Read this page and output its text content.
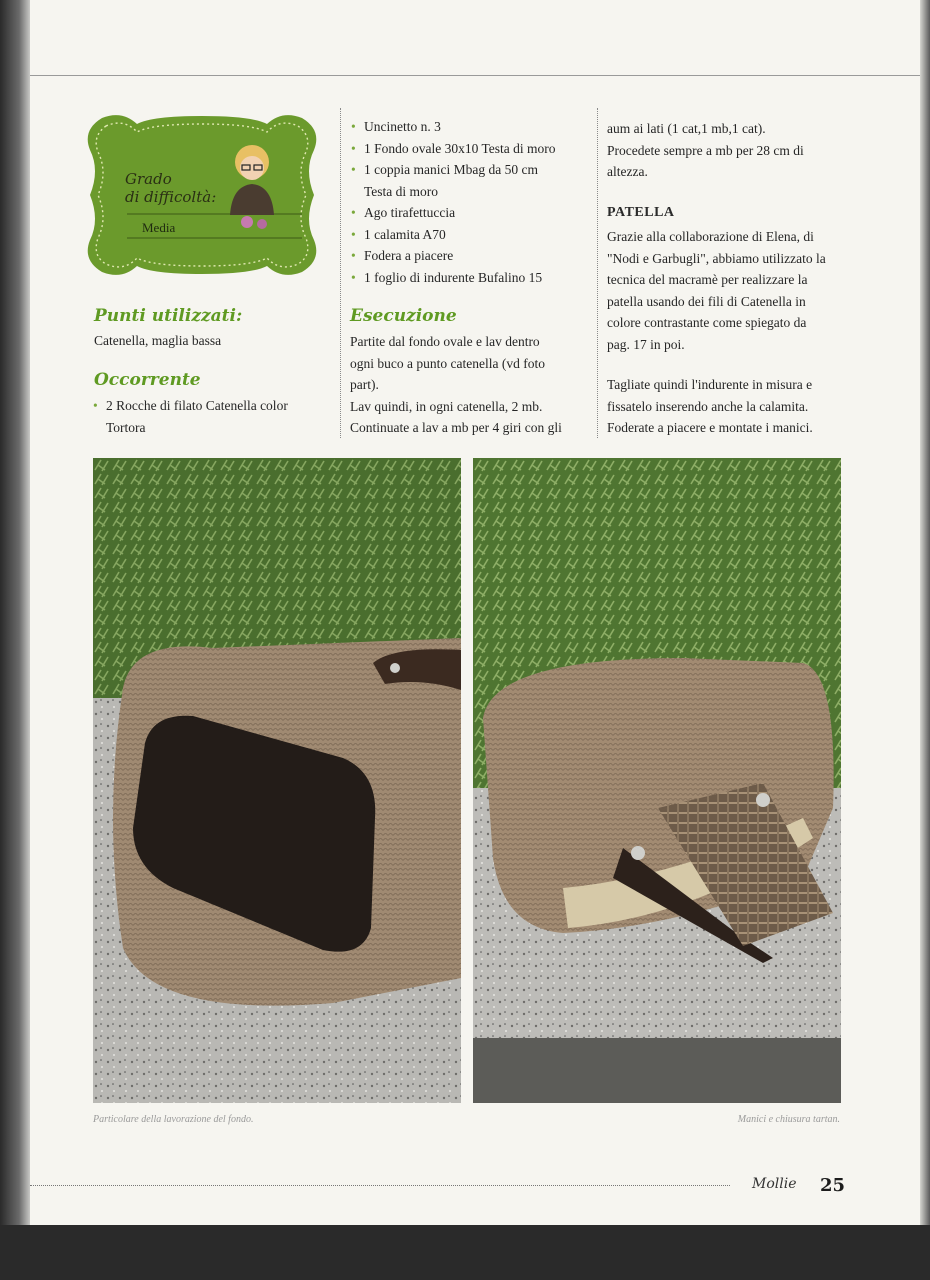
Grado
di difficoltà:
Media
Punti utilizzati:
Catenella, maglia bassa
Occorrente
• 2 Rocche di filato Catenella color
Tortora
• Uncinetto n. 3
• 1 Fondo ovale 30x10 Testa di moro
• 1 coppia manici Mbag da 50 cm
Testa di moro
• Ago tirafettuccia
• 1 calamita A70
• Fodera a piacere
• 1 foglio di indurente Bufalino 15
Esecuzione
Partite dal fondo ovale e lav dentro
ogni buco a punto catenella (vd foto
part).
Lav quindi, in ogni catenella, 2 mb.
Continuate a lav a mb per 4 giri con gli
aum ai lati (1 cat,1 mb,1 cat).
Procedete sempre a mb per 28 cm di
altezza.
PATELLA
Grazie alla collaborazione di Elena, di
"Nodi e Garbugli", abbiamo utilizzato la
tecnica del macramè per realizzare la
patella usando dei fili di Catenella in
colore contrastante come spiegato da
pag. 17 in poi.
Tagliate quindi l'indurente in misura e
fissatelo inserendo anche la calamita.
Foderate a piacere e montate i manici.
Particolare della lavorazione del fondo.	Manici e chiusura tartan.
Mollie 25
